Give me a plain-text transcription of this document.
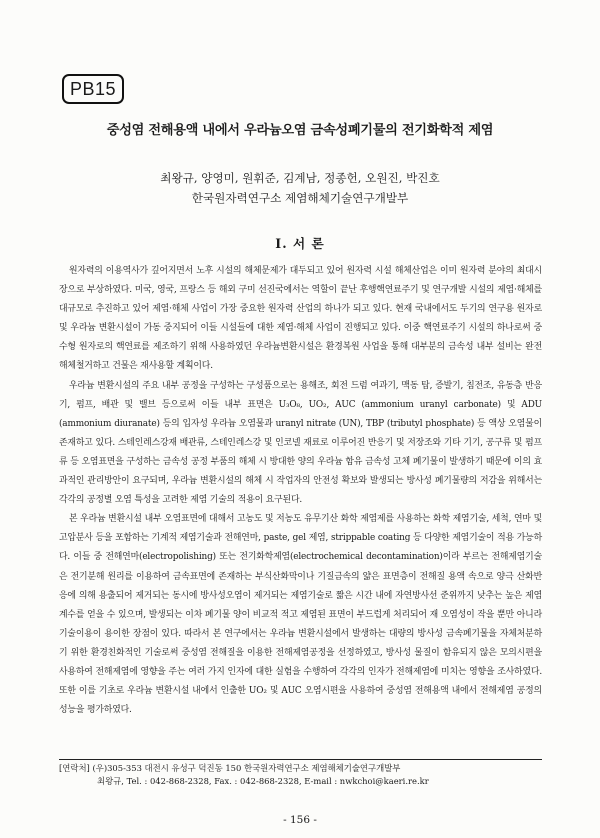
PB15
중성염 전해용액 내에서 우라늄오염 금속성폐기물의 전기화학적 제염
최왕규, 양영미, 원휘준, 김계남, 정종헌, 오원진, 박진호
한국원자력연구소 제염해체기술연구개발부
I. 서 론

원자력의 이용역사가 깊어지면서 노후 시설의 해체문제가 대두되고 있어 원자력 시설 해체산업은 이미 원자력 분야의 최대시장으로 부상하였다. 미국, 영국, 프랑스 등 해외 구미 선진국에서는 역할이 끝난 후행핵연료주기 및 연구개발 시설의 제염·해체를 대규모로 추진하고 있어 제염·해체 사업이 가장 중요한 원자력 산업의 하나가 되고 있다. 현재 국내에서도 두기의 연구용 원자로 및 우라늄 변환시설이 가동 중지되어 이들 시설들에 대한 제염·해체 사업이 진행되고 있다. 이중 핵연료주기 시설의 하나로써 중수형 원자로의 핵연료를 제조하기 위해 사용하였던 우라늄변환시설은 환경복원 사업을 통해 대부분의 금속성 내부 설비는 완전 해체철거하고 건물은 재사용할 계획이다.

우라늄 변환시설의 주요 내부 공정을 구성하는 구성품으로는 용해조, 회전 드럼 여과기, 맥동 탑, 증발기, 침전조, 유동층 반응기, 펌프, 배관 및 밸브 등으로써 이들 내부 표면은 U₃O₈, UO₂, AUC (ammonium uranyl carbonate) 및 ADU (ammonium diuranate) 등의 입자성 우라늄 오염물과 uranyl nitrate (UN), TBP (tributyl phosphate) 등 액상 오염물이 존재하고 있다. 스테인레스강재 배관류, 스테인레스강 및 인코넬 재료로 이루어진 반응기 및 저장조와 기타 기기, 공구류 및 펌프류 등 오염표면을 구성하는 금속성 공정 부품의 해체 시 방대한 양의 우라늄 함유 금속성 고체 폐기물이 발생하기 때문에 이의 효과적인 관리방안이 요구되며, 우라늄 변환시설의 해체 시 작업자의 안전성 확보와 발생되는 방사성 폐기물량의 저감을 위해서는 각각의 공정별 오염 특성을 고려한 제염 기술의 적용이 요구된다.

본 우라늄 변환시설 내부 오염표면에 대해서 고농도 및 저농도 유무기산 화학 제염제를 사용하는 화학 제염기술, 세척, 연마 및 고압분사 등을 포함하는 기계적 제염기술과 전해연마, paste, gel 제염, strippable coating 등 다양한 제염기술이 적용 가능하다. 이들 중 전해연마(electropolishing) 또는 전기화학제염(electrochemical decontamination)이라 부르는 전해제염기술은 전기분해 원리를 이용하여 금속표면에 존재하는 부식산화막이나 기질금속의 얇은 표면층이 전해질 용액 속으로 양극 산화반응에 의해 용출되어 제거되는 동시에 방사성오염이 제거되는 제염기술로 짧은 시간 내에 자연방사선 준위까지 낮추는 높은 제염계수를 얻을 수 있으며, 발생되는 이차 폐기물 양이 비교적 적고 제염된 표면이 부드럽게 처리되어 재 오염성이 작을 뿐만 아니라 기술이용이 용이한 장점이 있다. 따라서 본 연구에서는 우라늄 변환시설에서 발생하는 대량의 방사성 금속폐기물을 자체처분하기 위한 환경친화적인 기술로써 중성염 전해질을 이용한 전해제염공정을 선정하였고, 방사성 물질이 함유되지 않은 모의시편을 사용하여 전해제염에 영향을 주는 여러 가지 인자에 대한 실험을 수행하여 각각의 인자가 전해제염에 미치는 영향을 조사하였다. 또한 이를 기초로 우라늄 변환시설 내에서 인출한 UO₂ 및 AUC 오염시편을 사용하여 중성염 전해용액 내에서 전해제염 공정의 성능을 평가하였다.

[연락처] (우)305-353 대전시 유성구 덕진동 150 한국원자력연구소 제염해체기술연구개발부
최왕규, Tel. : 042-868-2328, Fax. : 042-868-2328, E-mail : nwkchoi@kaeri.re.kr
- 156 -
